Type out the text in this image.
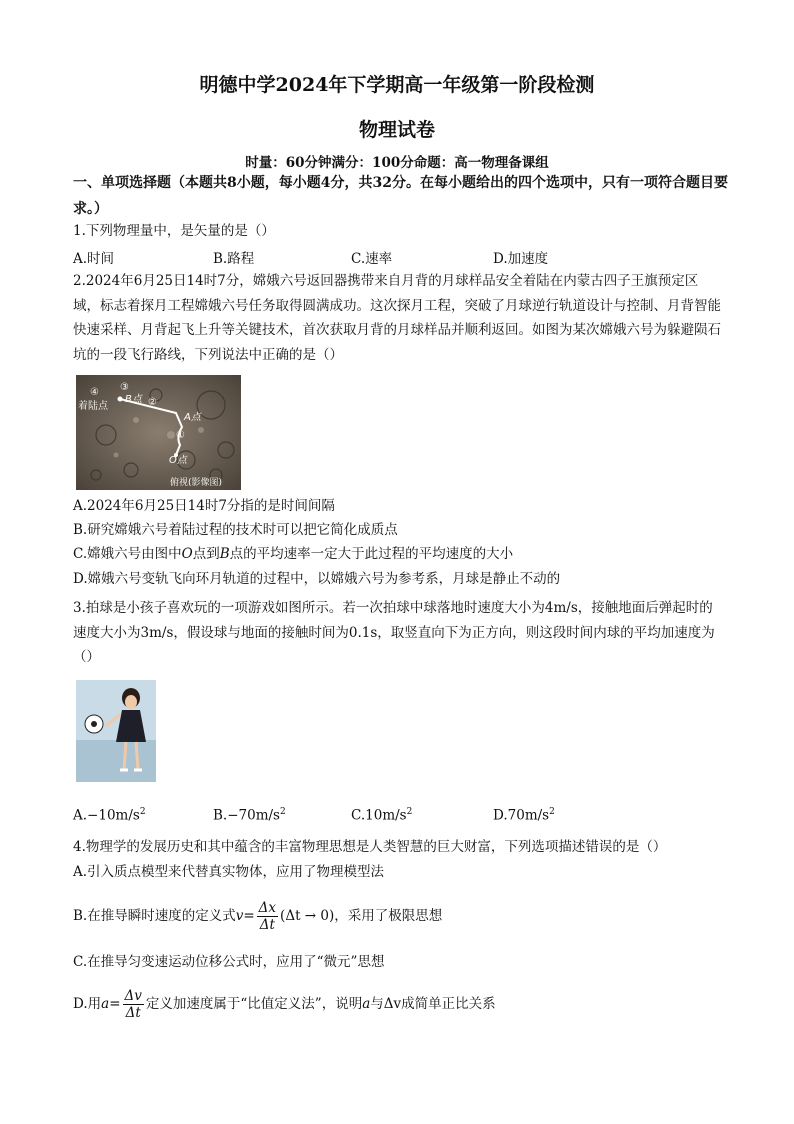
明德中学2024年下学期高一年级第一阶段检测
物理试卷
时量：60分钟满分：100分命题：高一物理备课组
一、单项选择题（本题共8小题，每小题4分，共32分。在每小题给出的四个选项中，只有一项符合题目要求。）
1.下列物理量中，是矢量的是（）
A.时间	B.路程	C.速率	D.加速度
2.2024年6月25日14时7分，嫦娥六号返回器携带来自月背的月球样品安全着陆在内蒙古四子王旗预定区域，标志着探月工程嫦娥六号任务取得圆满成功。这次探月工程，突破了月球逆行轨道设计与控制、月背智能快速采样、月背起飞上升等关键技术，首次获取月背的月球样品并顺利返回。如图为某次嫦娥六号为躲避陨石坑的一段飞行路线，下列说法中正确的是（）
④ ③
②
①
着陆点
B点
A点
O点
俯视(影像图)
A.2024年6月25日14时7分指的是时间间隔
B.研究嫦娥六号着陆过程的技术时可以把它简化成质点
C.嫦娥六号由图中O点到B点的平均速率一定大于此过程的平均速度的大小
D.嫦娥六号变轨飞向环月轨道的过程中，以嫦娥六号为参考系，月球是静止不动的
3.拍球是小孩子喜欢玩的一项游戏如图所示。若一次拍球中球落地时速度大小为4m/s，接触地面后弹起时的速度大小为3m/s，假设球与地面的接触时间为0.1s，取竖直向下为正方向，则这段时间内球的平均加速度为（）
$A.-10m/s^2$	$B.-70m/s^2$	$C.10m/s^2$	$D.70m/s^2$
4.物理学的发展历史和其中蕴含的丰富物理思想是人类智慧的巨大财富，下列选项描述错误的是（）
A.引入质点模型来代替真实物体，应用了物理模型法
B.在推导瞬时速度的定义式$v= \frac{\Delta x}{\Delta t} (\Delta t \to 0)$，采用了极限思想
C.在推导匀变速运动位移公式时，应用了“微元”思想
D.用$a= \frac{\Delta v}{\Delta t}$ 定义加速度属于“比值定义法”，说明a与Δv成简单正比关系
